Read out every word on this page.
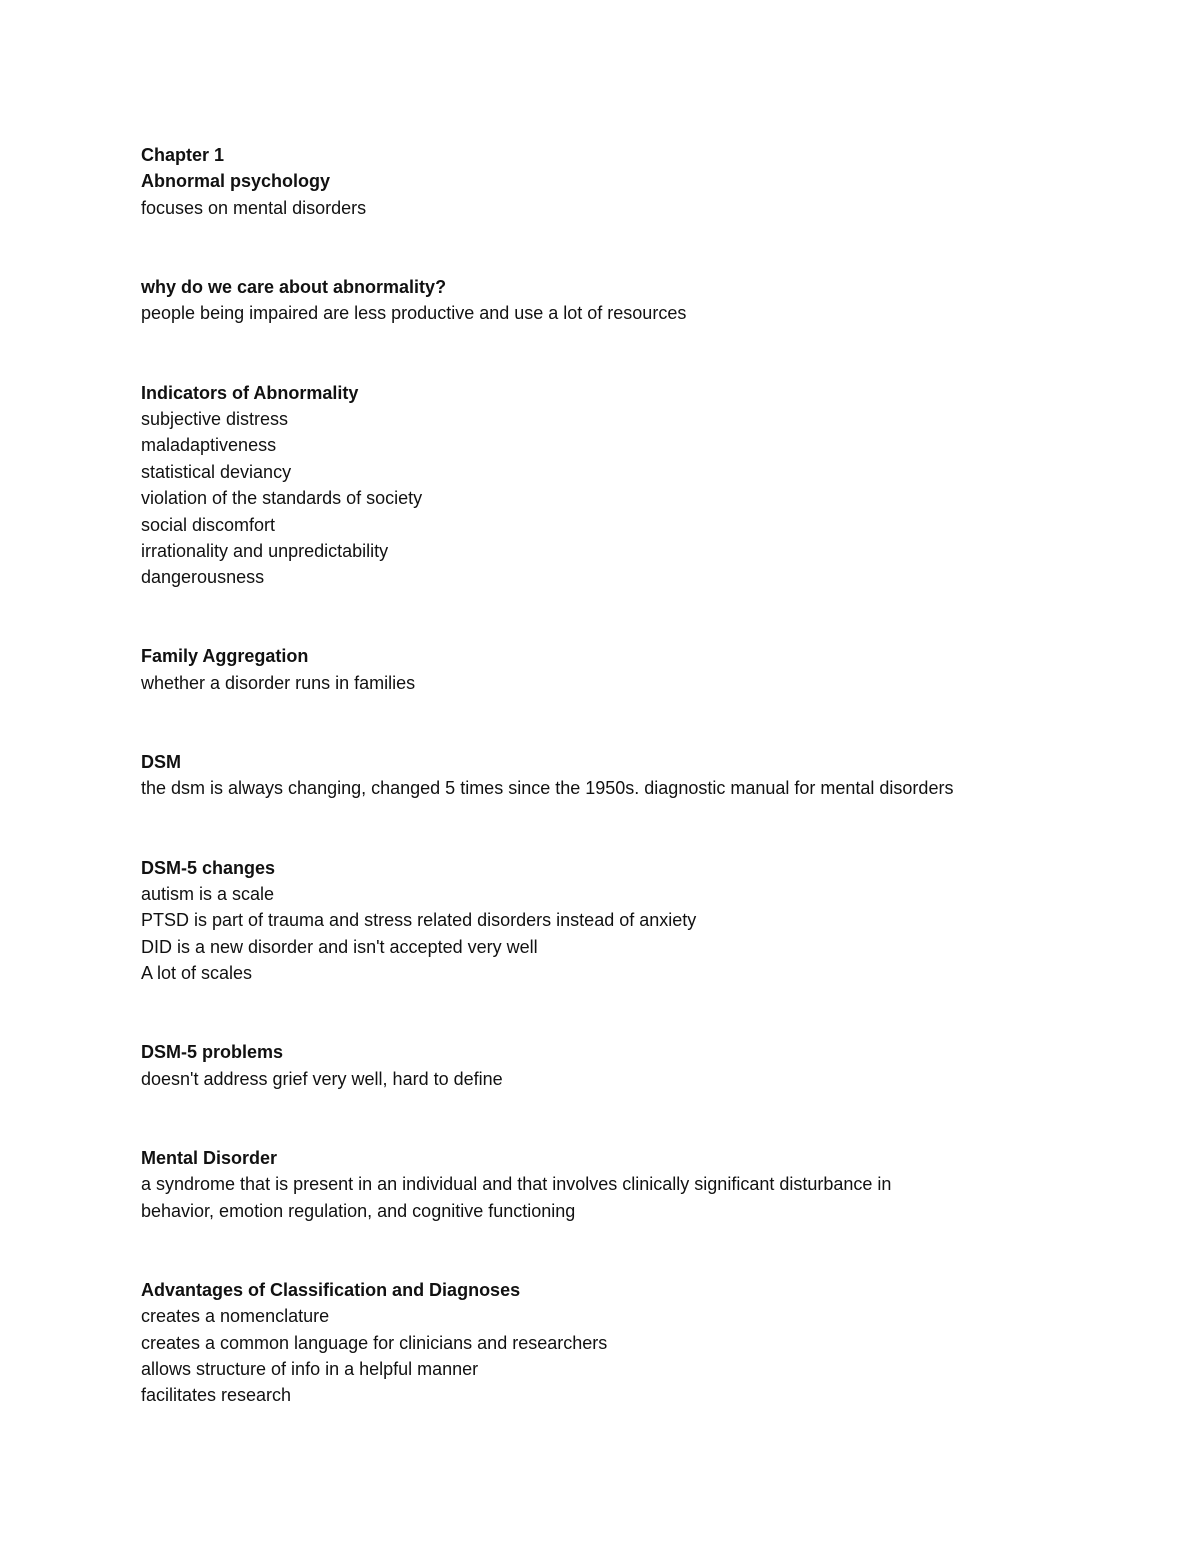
Chapter 1
Abnormal psychology
focuses on mental disorders
why do we care about abnormality?
people being impaired are less productive and use a lot of resources
Indicators of Abnormality
subjective distress
maladaptiveness
statistical deviancy
violation of the standards of society
social discomfort
irrationality and unpredictability
dangerousness
Family Aggregation
whether a disorder runs in families
DSM
the dsm is always changing, changed 5 times since the 1950s. diagnostic manual for mental disorders
DSM-5 changes
autism is a scale
PTSD is part of trauma and stress related disorders instead of anxiety
DID is a new disorder and isn't accepted very well
A lot of scales
DSM-5 problems
doesn't address grief very well, hard to define
Mental Disorder
a syndrome that is present in an individual and that involves clinically significant disturbance in
behavior, emotion regulation, and cognitive functioning
Advantages of Classification and Diagnoses
creates a nomenclature
creates a common language for clinicians and researchers
allows structure of info in a helpful manner
facilitates research
